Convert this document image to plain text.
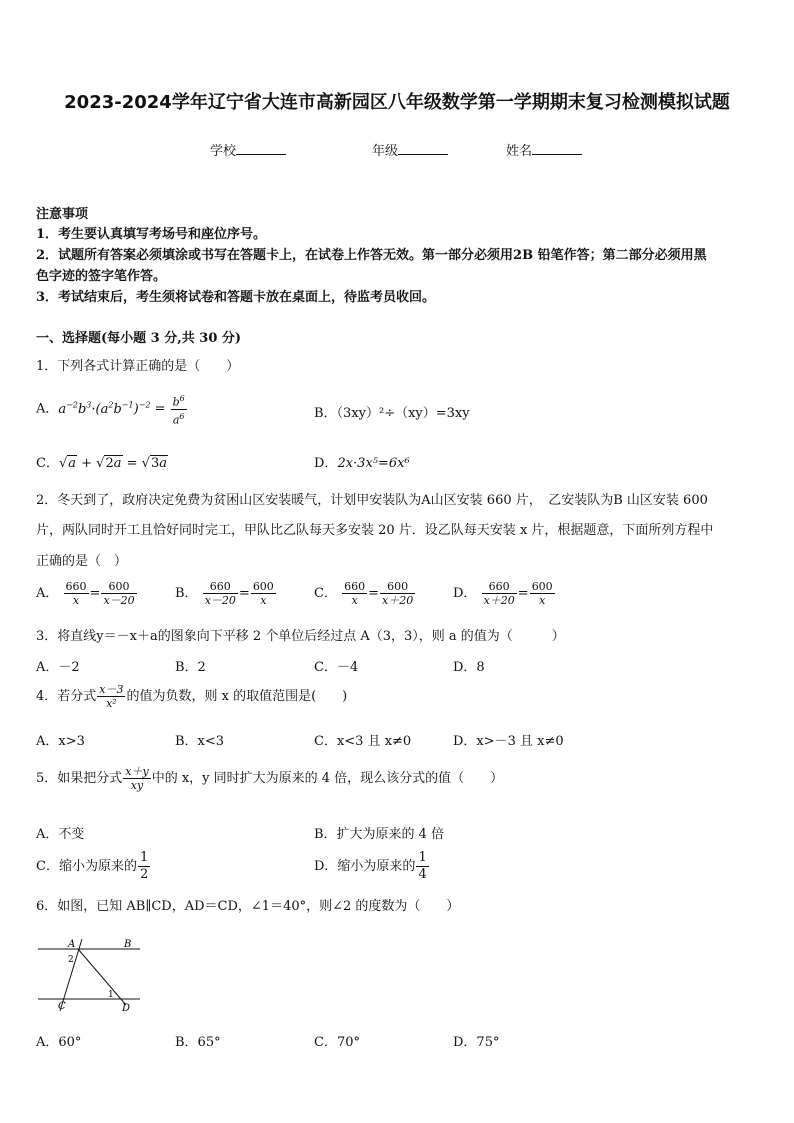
2023-2024学年辽宁省大连市高新园区八年级数学第一学期期末复习检测模拟试题
学校	年级	姓名
注意事项
1．考生要认真填写考场号和座位序号。
2．试题所有答案必须填涂或书写在答题卡上，在试卷上作答无效。第一部分必须用2B 铅笔作答；第二部分必须用黑
色字迹的签字笔作答。
3．考试结束后，考生须将试卷和答题卡放在桌面上，待监考员收回。
一、选择题(每小题 3 分,共 30 分)
1．下列各式计算正确的是（　　）
A．$a^{-2}b^3\cdot(a^2b^{-1})^{-2} = \frac{b^6}{a^6}$	B．（3xy）²÷（xy）=3xy
C．√a + √2a = √3a	D．2x·3x⁵=6x⁶
2．冬天到了，政府决定免费为贫困山区安装暖气，计划甲安装队为A山区安装 660 片，　乙安装队为B 山区安装 600
片，两队同时开工且恰好同时完工，甲队比乙队每天多安装 20 片．设乙队每天安装 x 片，根据题意，下面所列方程中
正确的是（　）
A． $\frac{660}{x} = \frac{600}{x-20}$	B． $\frac{660}{x-20} = \frac{600}{x}$	C． $\frac{660}{x} = \frac{600}{x+20}$	D． $\frac{660}{x+20} = \frac{600}{x}$
3．将直线y＝－x＋a的图象向下平移 2 个单位后经过点 A（3，3），则 a 的值为（　　　）
A．－2	B．2	C．－4	D．8
4．若分式 $\frac{x-3}{\text{x²}}$ 的值为负数，则 x 的取值范围是(　　)
A．x>3	B．x<3	C．x<3 且 x≠0	D．x>－3 且 x≠0
5．如果把分式 $\frac{x+y}{xy}$ 中的 x，y 同时扩大为原来的 4 倍，现么该分式的值（　　）
A．不变	B．扩大为原来的 4 倍
C．缩小为原来的 $\frac{1}{2}$	D．缩小为原来的 $\frac{1}{4}$
6．如图，已知 AB∥CD，AD＝CD，∠1＝40°，则∠2 的度数为（　　）
A	B
C	D
1
2
A．60°	B．65°	C．70°	D．75°
